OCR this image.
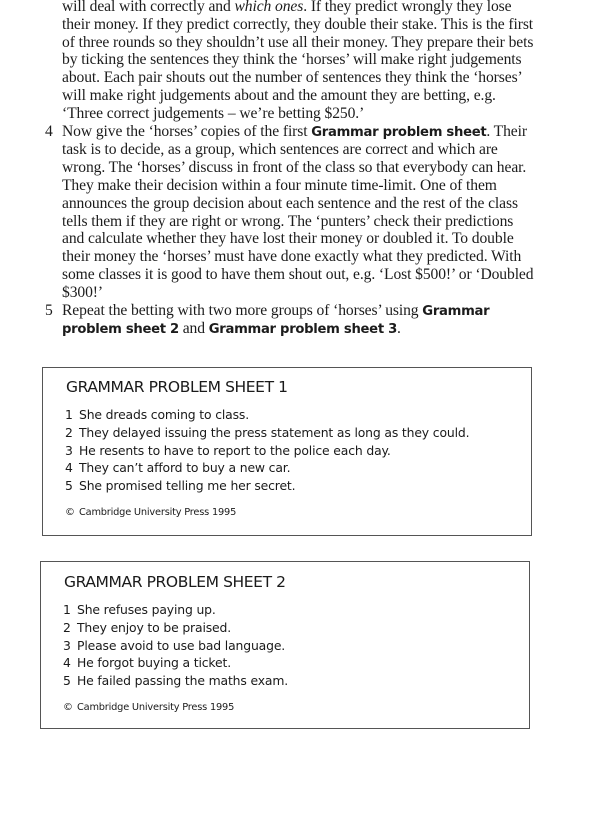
will deal with correctly and which ones. If they predict wrongly they lose their money. If they predict correctly, they double their stake. This is the first of three rounds so they shouldn’t use all their money. They prepare their bets by ticking the sentences they think the ‘horses’ will make right judgements about. Each pair shouts out the number of sentences they think the ‘horses’ will make right judgements about and the amount they are betting, e.g. ‘Three correct judgements – we’re betting $250.’

4 Now give the ‘horses’ copies of the first Grammar problem sheet. Their task is to decide, as a group, which sentences are correct and which are wrong. The ‘horses’ discuss in front of the class so that everybody can hear. They make their decision within a four minute time-limit. One of them announces the group decision about each sentence and the rest of the class tells them if they are right or wrong. The ‘punters’ check their predictions and calculate whether they have lost their money or doubled it. To double their money the ‘horses’ must have done exactly what they predicted. With some classes it is good to have them shout out, e.g. ‘Lost $500!’ or ‘Doubled $300!’

5 Repeat the betting with two more groups of ‘horses’ using Grammar problem sheet 2 and Grammar problem sheet 3.

GRAMMAR PROBLEM SHEET 1
1 She dreads coming to class.
2 They delayed issuing the press statement as long as they could.
3 He resents to have to report to the police each day.
4 They can’t afford to buy a new car.
5 She promised telling me her secret.
© Cambridge University Press 1995
GRAMMAR PROBLEM SHEET 2
1 She refuses paying up.
2 They enjoy to be praised.
3 Please avoid to use bad language.
4 He forgot buying a ticket.
5 He failed passing the maths exam.
© Cambridge University Press 1995
